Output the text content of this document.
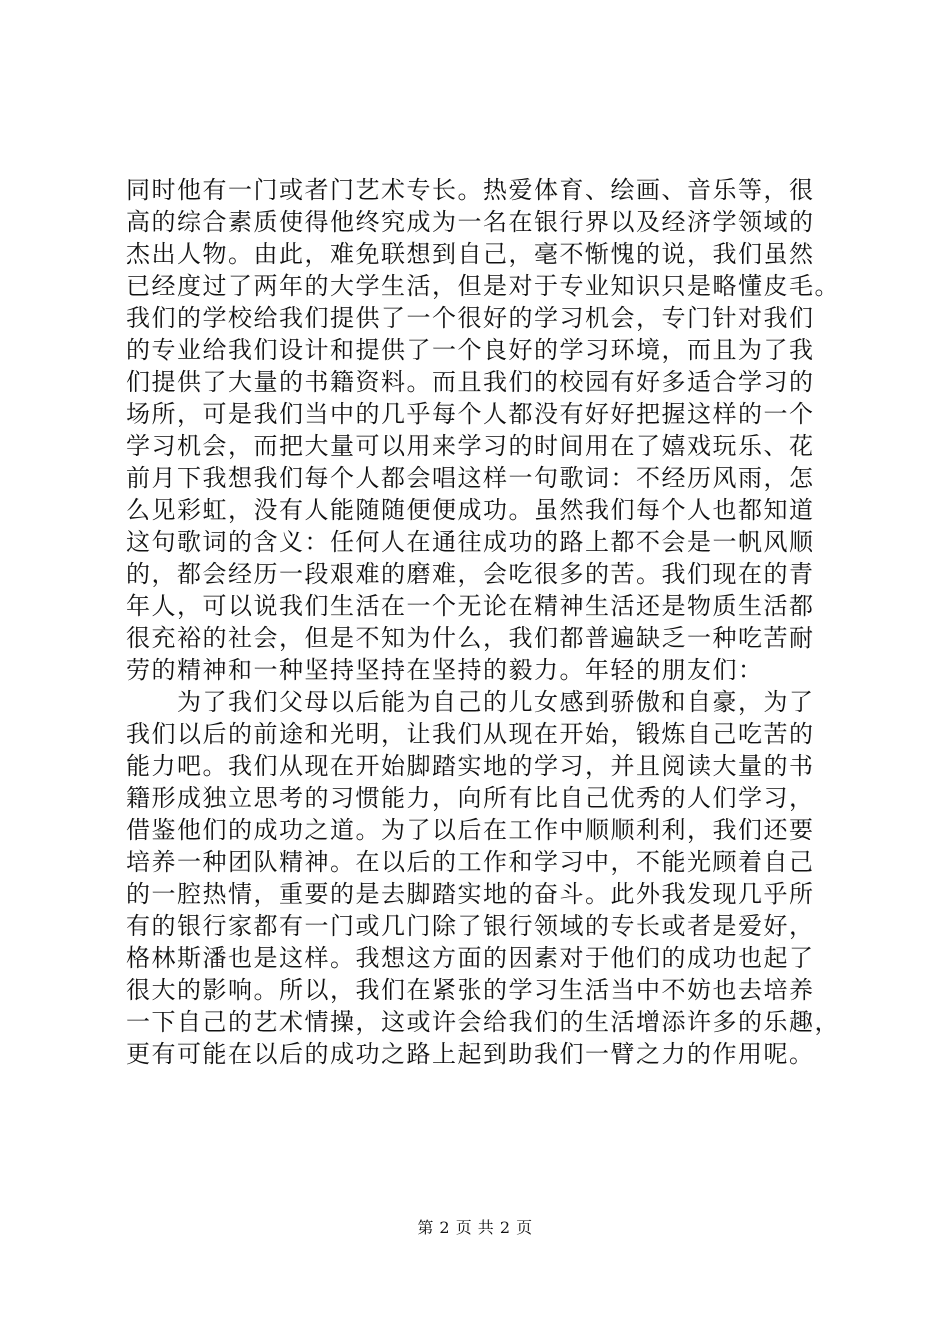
同时他有一门或者门艺术专长。热爱体育、绘画、音乐等，很
高的综合素质使得他终究成为一名在银行界以及经济学领域的
杰出人物。由此，难免联想到自己，毫不惭愧的说，我们虽然
已经度过了两年的大学生活，但是对于专业知识只是略懂皮毛。
我们的学校给我们提供了一个很好的学习机会，专门针对我们
的专业给我们设计和提供了一个良好的学习环境，而且为了我
们提供了大量的书籍资料。而且我们的校园有好多适合学习的
场所，可是我们当中的几乎每个人都没有好好把握这样的一个
学习机会，而把大量可以用来学习的时间用在了嬉戏玩乐、花
前月下我想我们每个人都会唱这样一句歌词：不经历风雨，怎
么见彩虹，没有人能随随便便成功。虽然我们每个人也都知道
这句歌词的含义：任何人在通往成功的路上都不会是一帆风顺
的，都会经历一段艰难的磨难，会吃很多的苦。我们现在的青
年人，可以说我们生活在一个无论在精神生活还是物质生活都
很充裕的社会，但是不知为什么，我们都普遍缺乏一种吃苦耐
劳的精神和一种坚持坚持在坚持的毅力。年轻的朋友们：
　　为了我们父母以后能为自己的儿女感到骄傲和自豪，为了
我们以后的前途和光明，让我们从现在开始，锻炼自己吃苦的
能力吧。我们从现在开始脚踏实地的学习，并且阅读大量的书
籍形成独立思考的习惯能力，向所有比自己优秀的人们学习，
借鉴他们的成功之道。为了以后在工作中顺顺利利，我们还要
培养一种团队精神。在以后的工作和学习中，不能光顾着自己
的一腔热情，重要的是去脚踏实地的奋斗。此外我发现几乎所
有的银行家都有一门或几门除了银行领域的专长或者是爱好，
格林斯潘也是这样。我想这方面的因素对于他们的成功也起了
很大的影响。所以，我们在紧张的学习生活当中不妨也去培养
一下自己的艺术情操，这或许会给我们的生活增添许多的乐趣，
更有可能在以后的成功之路上起到助我们一臂之力的作用呢。
第 2 页 共 2 页
